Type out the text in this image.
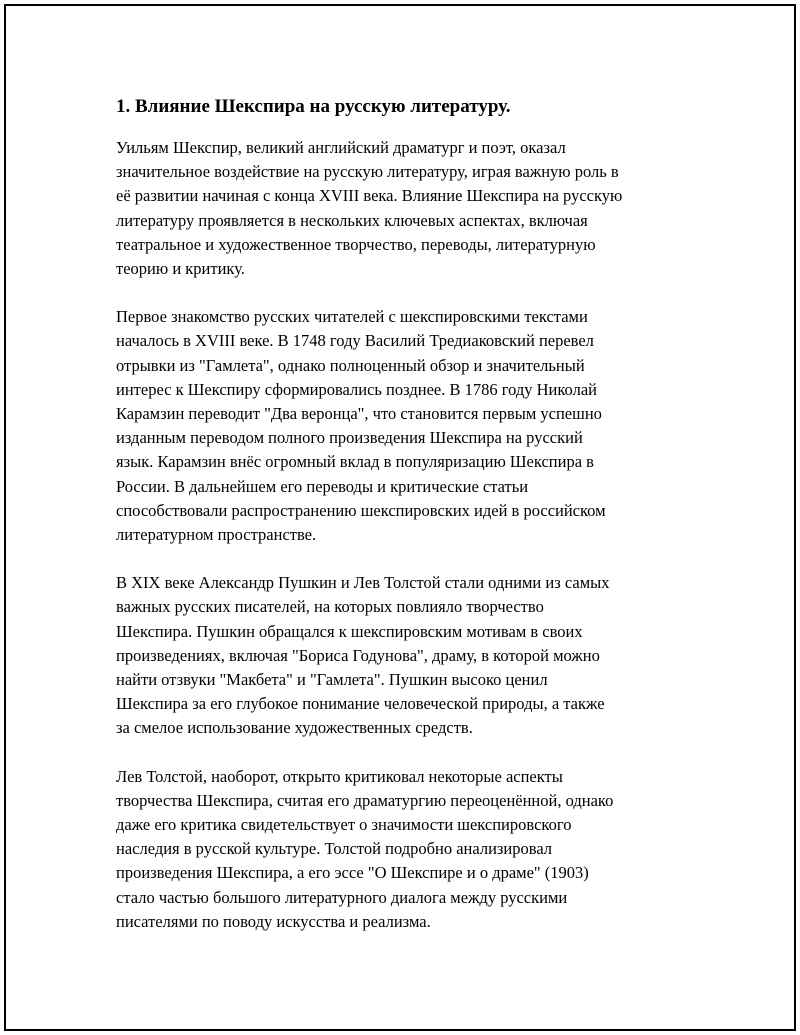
1. Влияние Шекспира на русскую литературу.

Уильям Шекспир, великий английский драматург и поэт, оказал
значительное воздействие на русскую литературу, играя важную роль в
её развитии начиная с конца XVIII века. Влияние Шекспира на русскую
литературу проявляется в нескольких ключевых аспектах, включая
театральное и художественное творчество, переводы, литературную
теорию и критику.

Первое знакомство русских читателей с шекспировскими текстами
началось в XVIII веке. В 1748 году Василий Тредиаковский перевел
отрывки из "Гамлета", однако полноценный обзор и значительный
интерес к Шекспиру сформировались позднее. В 1786 году Николай
Карамзин переводит "Два веронца", что становится первым успешно
изданным переводом полного произведения Шекспира на русский
язык. Карамзин внёс огромный вклад в популяризацию Шекспира в
России. В дальнейшем его переводы и критические статьи
способствовали распространению шекспировских идей в российском
литературном пространстве.

В XIX веке Александр Пушкин и Лев Толстой стали одними из самых
важных русских писателей, на которых повлияло творчество
Шекспира. Пушкин обращался к шекспировским мотивам в своих
произведениях, включая "Бориса Годунова", драму, в которой можно
найти отзвуки "Макбета" и "Гамлета". Пушкин высоко ценил
Шекспира за его глубокое понимание человеческой природы, а также
за смелое использование художественных средств.

Лев Толстой, наоборот, открыто критиковал некоторые аспекты
творчества Шекспира, считая его драматургию переоценённой, однако
даже его критика свидетельствует о значимости шекспировского
наследия в русской культуре. Толстой подробно анализировал
произведения Шекспира, а его эссе "О Шекспире и о драме" (1903)
стало частью большого литературного диалога между русскими
писателями по поводу искусства и реализма.
